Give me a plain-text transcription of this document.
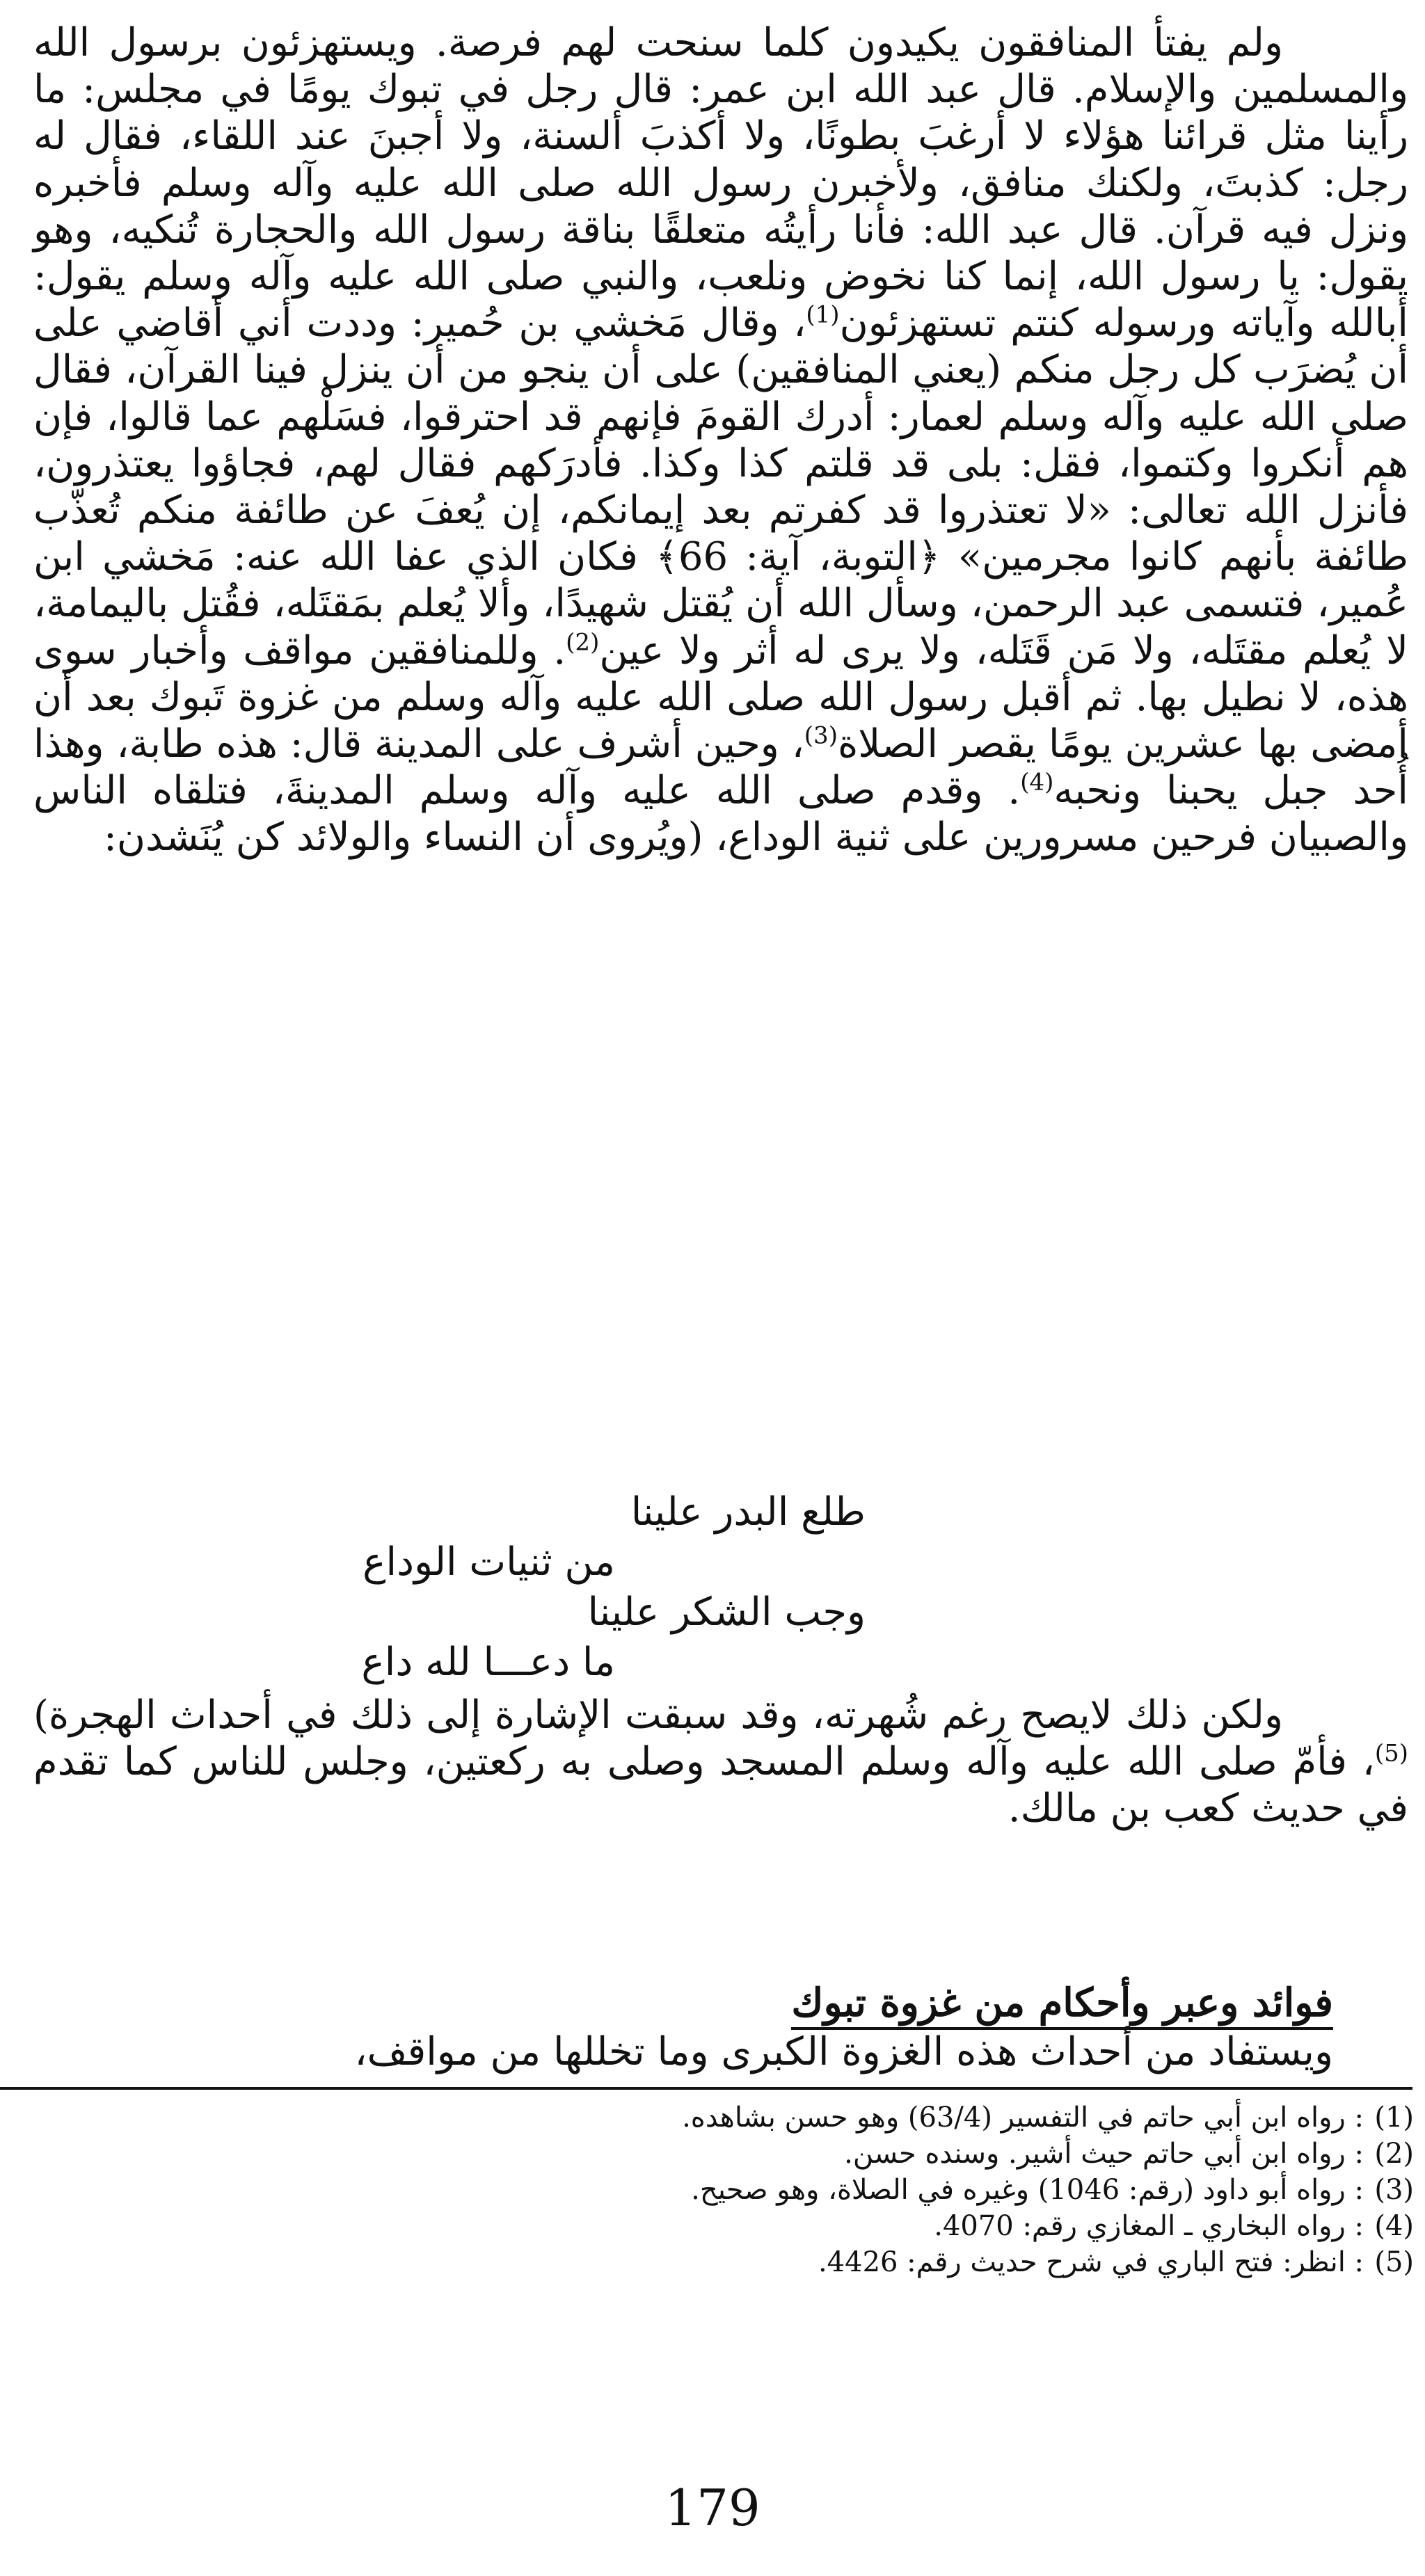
ولم يفتأ المنافقون يكيدون كلما سنحت لهم فرصة. ويستهزئون برسول الله والمسلمين والإسلام. قال عبد الله ابن عمر: قال رجل في تبوك يومًا في مجلس: ما رأينا مثل قرائنا هؤلاء لا أرغبَ بطونًا، ولا أكذبَ ألسنة، ولا أجبنَ عند اللقاء، فقال له رجل: كذبتَ، ولكنك منافق، ولأخبرن رسول الله صلى الله عليه وآله وسلم فأخبره ونزل فيه قرآن. قال عبد الله: فأنا رأيتُه متعلقًا بناقة رسول الله والحجارة تُنكيه، وهو يقول: يا رسول الله، إنما كنا نخوض ونلعب، والنبي صلى الله عليه وآله وسلم يقول: أبالله وآياته ورسوله كنتم تستهزئون$^{(1)}$، وقال مَخشي بن حُمير: وددت أني أقاضي على أن يُضرَب كل رجل منكم (يعني المنافقين) على أن ينجو من أن ينزل فينا القرآن، فقال صلى الله عليه وآله وسلم لعمار: أدرك القومَ فإنهم قد احترقوا، فسَلْهم عما قالوا، فإن هم أنكروا وكتموا، فقل: بلى قد قلتم كذا وكذا. فأدرَكهم فقال لهم، فجاؤوا يعتذرون، فأنزل الله تعالى: «لا تعتذروا قد كفرتم بعد إيمانكم، إن يُعفَ عن طائفة منكم تُعذّب طائفة بأنهم كانوا مجرمين» ﴿التوبة، آية: 66﴾ فكان الذي عفا الله عنه: مَخشي ابن عُمير، فتسمى عبد الرحمن، وسأل الله أن يُقتل شهيدًا، وألا يُعلم بمَقتَله، فقُتل باليمامة، لا يُعلم مقتَله، ولا مَن قَتَله، ولا يرى له أثر ولا عين$^{(2)}$. وللمنافقين مواقف وأخبار سوى هذه، لا نطيل بها. ثم أقبل رسول الله صلى الله عليه وآله وسلم من غزوة تَبوك بعد أن أمضى بها عشرين يومًا يقصر الصلاة$^{(3)}$، وحين أشرف على المدينة قال: هذه طابة، وهذا أُحد جبل يحبنا ونحبه$^{(4)}$. وقدم صلى الله عليه وآله وسلم المدينةَ، فتلقاه الناس والصبيان فرحين مسرورين على ثنية الوداع، (ويُروى أن النساء والولائد كن يُنَشدن:

طلع البدر علينا
من ثنيات الوداع
وجب الشكر علينا
ما دعـــا لله داع

ولكن ذلك لايصح رغم شُهرته، وقد سبقت الإشارة إلى ذلك في أحداث الهجرة)$^{(5)}$، فأمّ صلى الله عليه وآله وسلم المسجد وصلى به ركعتين، وجلس للناس كما تقدم في حديث كعب بن مالك.

فوائد وعبر وأحكام من غزوة تبوك
ويستفاد من أحداث هذه الغزوة الكبرى وما تخللها من مواقف،
(1): رواه ابن أبي حاتم في التفسير (63/4) وهو حسن بشاهده.
(2): رواه ابن أبي حاتم حيث أشير. وسنده حسن.
(3): رواه أبو داود (رقم: 1046) وغيره في الصلاة، وهو صحيح.
(4): رواه البخاري ـ المغازي رقم: 4070.
(5): انظر: فتح الباري في شرح حديث رقم: 4426.
179
